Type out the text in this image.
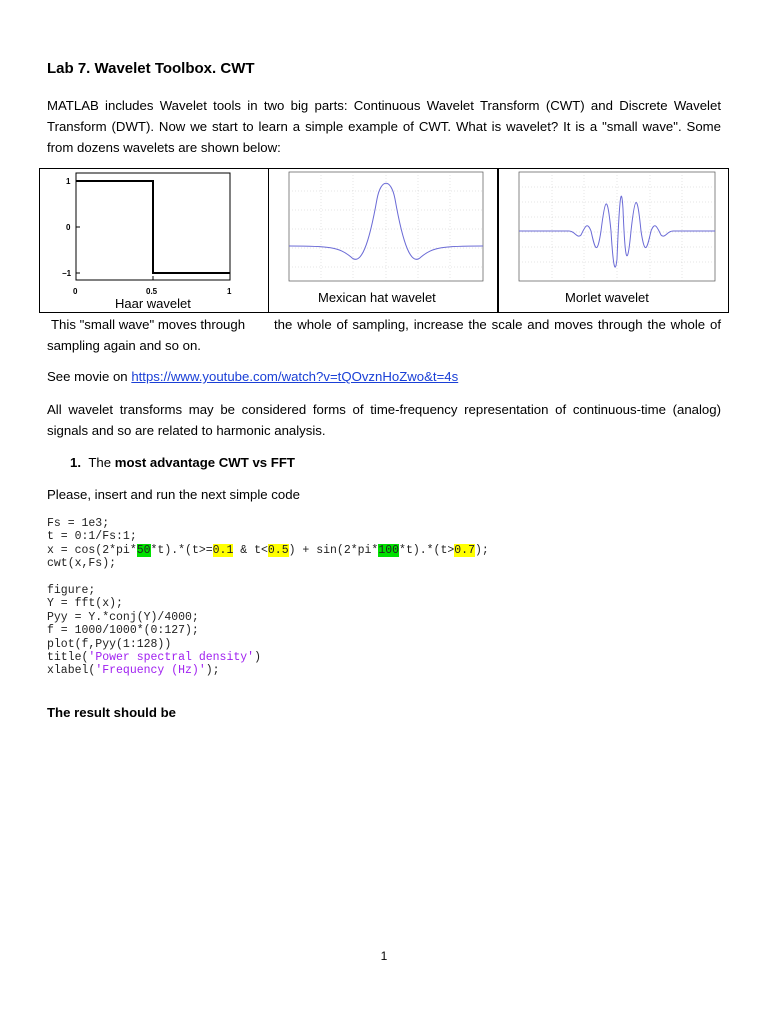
Lab 7. Wavelet Toolbox. CWT
MATLAB includes Wavelet tools in two big parts: Continuous Wavelet Transform (CWT) and Discrete Wavelet Transform (DWT). Now we start to learn a simple example of CWT. What is wavelet? It is a "small wave". Some from dozens wavelets are shown below:
1
0
−1
0	0.5	1
Haar wavelet	Mexican hat wavelet	Morlet wavelet
This "small wave" moves through	the whole of sampling, increase the scale and moves through the whole of sampling again and so on.
See movie on https://www.youtube.com/watch?v=tQOvznHoZwo&t=4s
All wavelet transforms may be considered forms of time-frequency representation of continuous-time (analog) signals and so are related to harmonic analysis.
1. The most advantage CWT vs FFT
Please, insert and run the next simple code
Fs = 1e3;
t = 0:1/Fs:1;
x = cos(2*pi*50*t).*(t>=0.1 & t<0.5) + sin(2*pi*100*t).*(t>0.7);
cwt(x,Fs);

figure;
Y = fft(x);
Pyy = Y.*conj(Y)/4000;
f = 1000/1000*(0:127);
plot(f,Pyy(1:128))
title('Power spectral density')
xlabel('Frequency (Hz)');
The result should be
1
